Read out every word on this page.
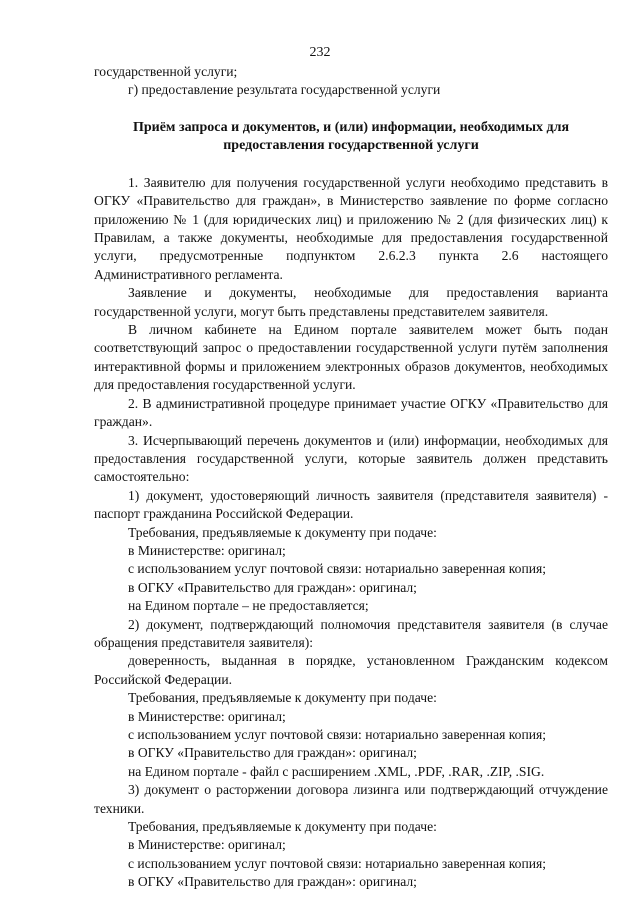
232

государственной услуги;

г) предоставление результата государственной услуги

Приём запроса и документов, и (или) информации, необходимых для предоставления государственной услуги

1. Заявителю для получения государственной услуги необходимо представить в ОГКУ «Правительство для граждан», в Министерство заявление по форме согласно приложению № 1 (для юридических лиц) и приложению № 2 (для физических лиц) к Правилам, а также документы, необходимые для предоставления государственной услуги, предусмотренные подпунктом 2.6.2.3 пункта 2.6 настоящего Административного регламента.

Заявление и документы, необходимые для предоставления варианта государственной услуги, могут быть представлены представителем заявителя.

В личном кабинете на Едином портале заявителем может быть подан соответствующий запрос о предоставлении государственной услуги путём заполнения интерактивной формы и приложением электронных образов документов, необходимых для предоставления государственной услуги.

2. В административной процедуре принимает участие ОГКУ «Правительство для граждан».

3. Исчерпывающий перечень документов и (или) информации, необходимых для предоставления государственной услуги, которые заявитель должен представить самостоятельно:

1) документ, удостоверяющий личность заявителя (представителя заявителя) - паспорт гражданина Российской Федерации.

Требования, предъявляемые к документу при подаче:

в Министерстве: оригинал;

с использованием услуг почтовой связи: нотариально заверенная копия;

в ОГКУ «Правительство для граждан»: оригинал;

на Едином портале – не предоставляется;

2) документ, подтверждающий полномочия представителя заявителя (в случае обращения представителя заявителя):

доверенность, выданная в порядке, установленном Гражданским кодексом Российской Федерации.

Требования, предъявляемые к документу при подаче:

в Министерстве: оригинал;

с использованием услуг почтовой связи: нотариально заверенная копия;

в ОГКУ «Правительство для граждан»: оригинал;

на Едином портале - файл с расширением .XML, .PDF, .RAR, .ZIP, .SIG.

3) документ о расторжении договора лизинга или подтверждающий отчуждение техники.

Требования, предъявляемые к документу при подаче:

в Министерстве: оригинал;

с использованием услуг почтовой связи: нотариально заверенная копия;

в ОГКУ «Правительство для граждан»: оригинал;
